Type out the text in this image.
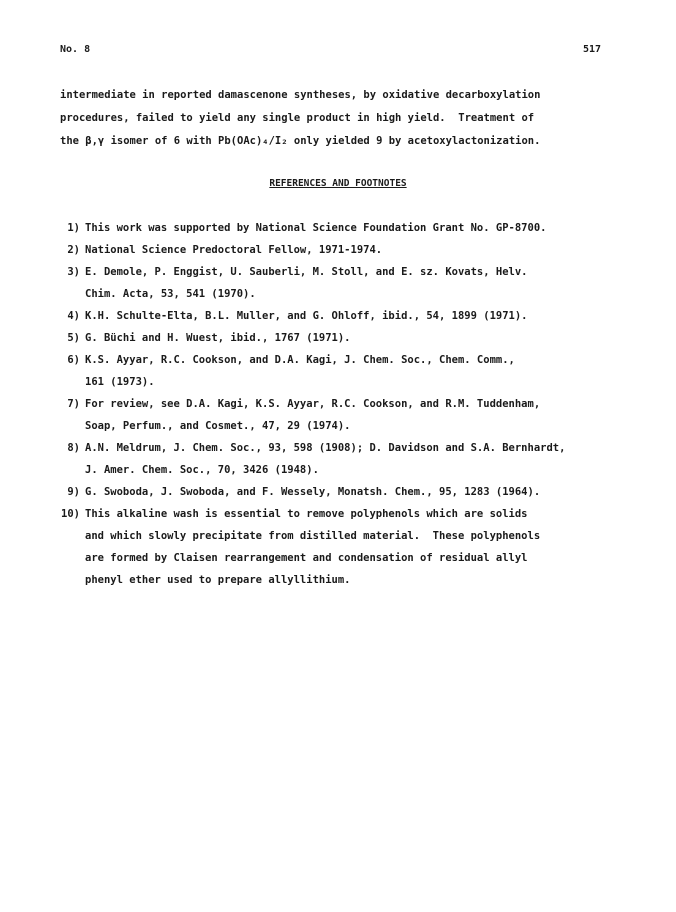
No. 8	517
intermediate in reported damascenone syntheses, by oxidative decarboxylation
procedures, failed to yield any single product in high yield.  Treatment of
the β,γ isomer of 6 with Pb(OAc)₄/I₂ only yielded 9 by acetoxylactonization.
REFERENCES AND FOOTNOTES
1) This work was supported by National Science Foundation Grant No. GP-8700.
2) National Science Predoctoral Fellow, 1971-1974.
3) E. Demole, P. Enggist, U. Sauberli, M. Stoll, and E. sz. Kovats, Helv.
Chim. Acta, 53, 541 (1970).
4) K.H. Schulte-Elta, B.L. Muller, and G. Ohloff, ibid., 54, 1899 (1971).
5) G. Büchi and H. Wuest, ibid., 1767 (1971).
6) K.S. Ayyar, R.C. Cookson, and D.A. Kagi, J. Chem. Soc., Chem. Comm.,
161 (1973).
7) For review, see D.A. Kagi, K.S. Ayyar, R.C. Cookson, and R.M. Tuddenham,
Soap, Perfum., and Cosmet., 47, 29 (1974).
8) A.N. Meldrum, J. Chem. Soc., 93, 598 (1908); D. Davidson and S.A. Bernhardt,
J. Amer. Chem. Soc., 70, 3426 (1948).
9) G. Swoboda, J. Swoboda, and F. Wessely, Monatsh. Chem., 95, 1283 (1964).
10) This alkaline wash is essential to remove polyphenols which are solids
and which slowly precipitate from distilled material.  These polyphenols
are formed by Claisen rearrangement and condensation of residual allyl
phenyl ether used to prepare allyllithium.
